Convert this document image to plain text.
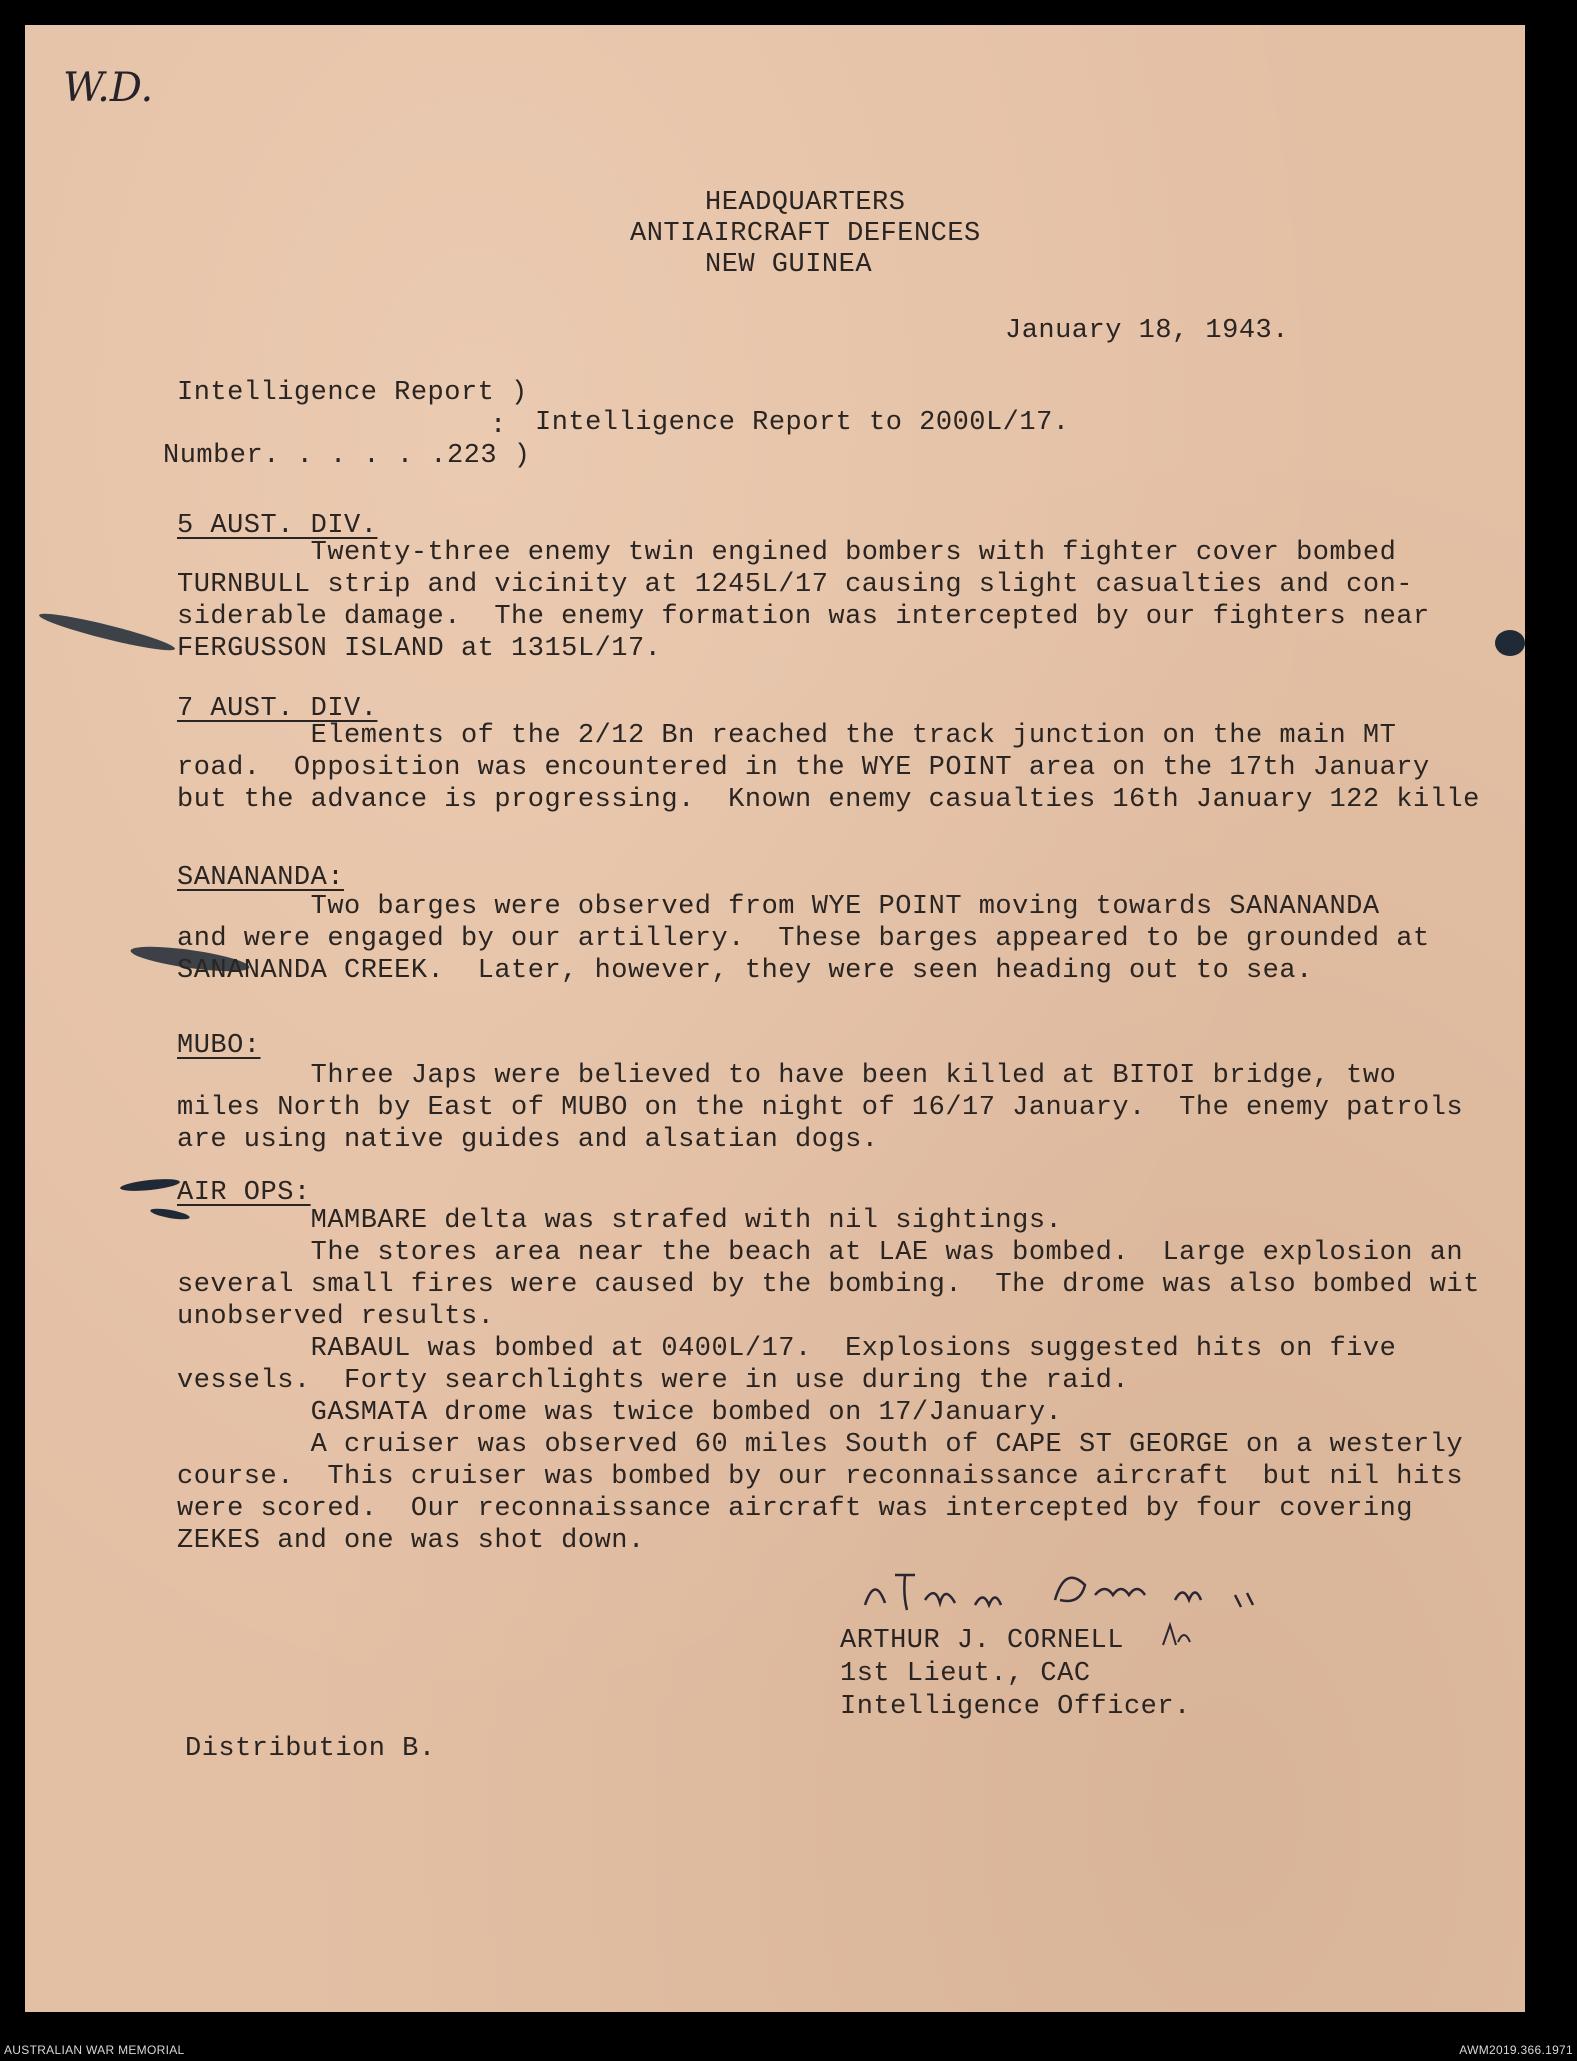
W.D.
HEADQUARTERS
ANTIAIRCRAFT DEFENCES
NEW GUINEA
January 18, 1943.
Intelligence Report )
: Intelligence Report to 2000L/17.
Number. . . . . .223 )
5 AUST. DIV.
Twenty-three enemy twin engined bombers with fighter cover bombed
TURNBULL strip and vicinity at 1245L/17 causing slight casualties and con-
siderable damage.  The enemy formation was intercepted by our fighters near
FERGUSSON ISLAND at 1315L/17.
7 AUST. DIV.
Elements of the 2/12 Bn reached the track junction on the main MT
road.  Opposition was encountered in the WYE POINT area on the 17th January
but the advance is progressing.  Known enemy casualties 16th January 122 kille
SANANANDA:
Two barges were observed from WYE POINT moving towards SANANANDA
and were engaged by our artillery.  These barges appeared to be grounded at
SANANANDA CREEK.  Later, however, they were seen heading out to sea.
MUBO:
Three Japs were believed to have been killed at BITOI bridge, two
miles North by East of MUBO on the night of 16/17 January.  The enemy patrols
are using native guides and alsatian dogs.
AIR OPS:
MAMBARE delta was strafed with nil sightings.
The stores area near the beach at LAE was bombed.  Large explosion an
several small fires were caused by the bombing.  The drome was also bombed wit
unobserved results.
RABAUL was bombed at 0400L/17.  Explosions suggested hits on five
vessels.  Forty searchlights were in use during the raid.
GASMATA drome was twice bombed on 17/January.
A cruiser was observed 60 miles South of CAPE ST GEORGE on a westerly
course.  This cruiser was bombed by our reconnaissance aircraft  but nil hits
were scored.  Our reconnaissance aircraft was intercepted by four covering
ZEKES and one was shot down.
ARTHUR J. CORNELL
1st Lieut., CAC
Intelligence Officer.
Distribution B.
AUSTRALIAN WAR MEMORIAL	AWM2019.366.1971
